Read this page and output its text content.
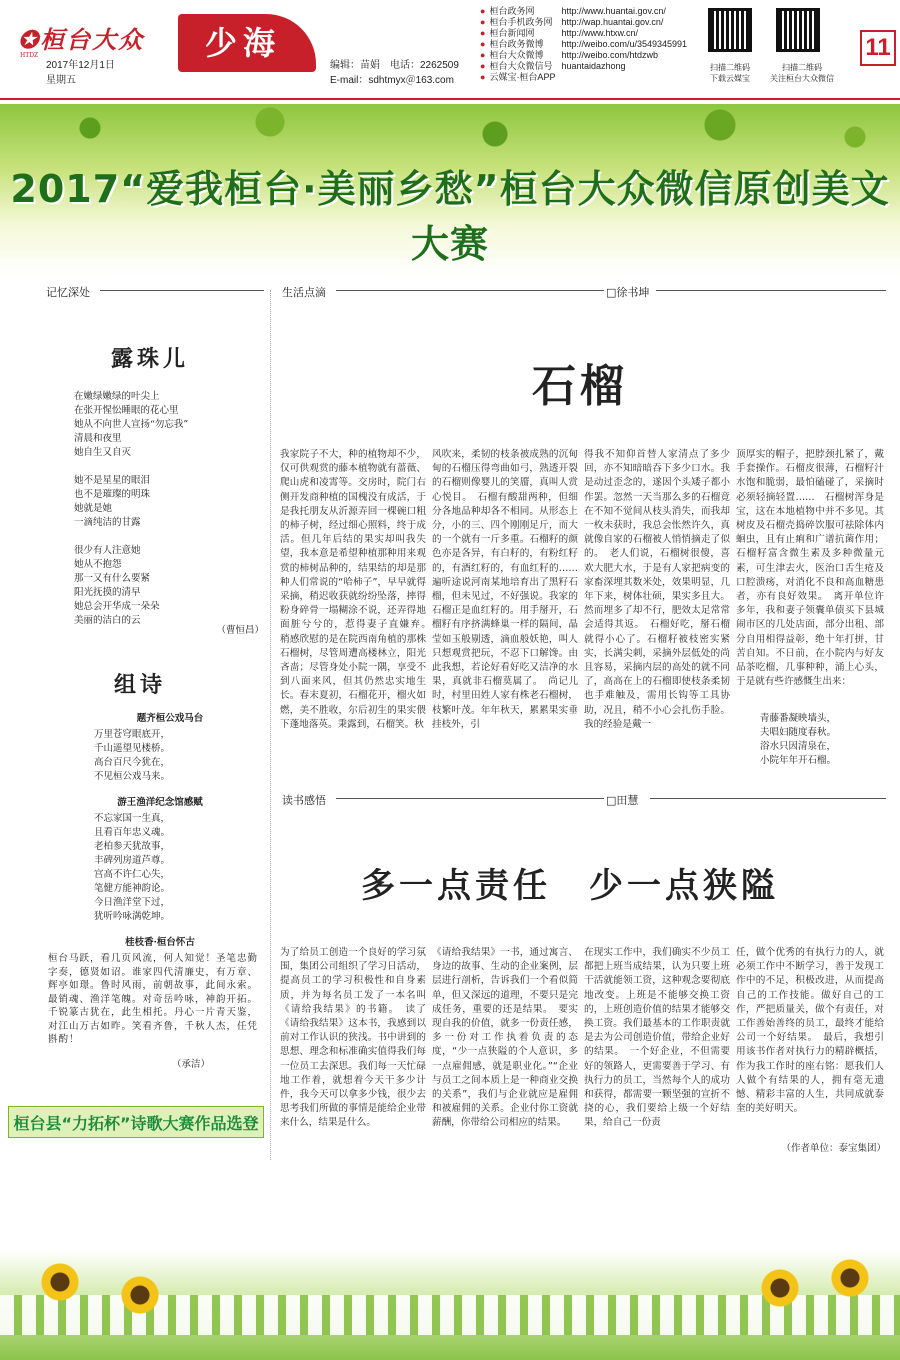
✪桓台大众
HTDZ
2017年12月1日
星期五
少海
编辑：苗娟　电话：2262509
E-mail：sdhtmyx＠163.com
● 桓台政务网	http://www.huantai.gov.cn/
● 桓台手机政务网 http://wap.huantai.gov.cn/
● 桓台新闻网	http://www.htxw.cn/
● 桓台政务微博	http://weibo.com/u/3549345991
● 桓台大众微博	http://weibo.com/htdzwb
● 桓台大众微信号 huantaidazhong
● 云媒宝·桓台APP
扫描二维码
下载云媒宝
扫描二维码
关注桓台大众微信
11
2017“爱我桓台·美丽乡愁”桓台大众微信原创美文大赛
记忆深处
露珠儿
在嫩绿嫩绿的叶尖上
在张开惺忪睡眼的花心里
她从不向世人宣扬“勿忘我”
清晨和夜里
她自生又自灭

她不是星星的眼泪
也不是璀璨的明珠
她就是她
一滴纯洁的甘露

很少有人注意她
她从不抱怨
那一又有什么要紧
阳光抚摸的清早
她总会开华成一朵朵
美丽的洁白的云
（曹恒昌）
组诗
题齐桓公戏马台
万里苍穹眼底开，
千山遥望见楼桥。
高台百尺今犹在，
不见桓公戏马来。
游王渔洋纪念馆感赋
不忘家国一生真，
且看百年忠义魂。
老柏参天犹故事，
丰碑列房道芦尊。
宫高不许仁心失，
笔健方能神韵论。
今日渔洋堂下过，
犹听吟咏满乾坤。
桂枝香·桓台怀古
桓台马跃，看几页风流，何人知觉！圣笔忠勤字奏，德贤如诏。谁家四代清廉史，有万章、辉亭如璟。鲁时风雨，前朝故事，此间永索。　最销魂、渔洋笔魄。对奇岳吟咏，神韵开拓。千锐篆古犹在，此生相托。丹心一片青天鉴，对江山万古如昨。笑看齐鲁，千秋人杰，任凭斟酌！
（承洁）
桓台县“力拓杯”诗歌大赛作品选登
生活点滴	□徐书坤
石榴
我家院子不大，种的植物却不少，仅可供观赏的藤本植物就有蔷薇、爬山虎和凌霄等。交房时，院门右侧开发商种植的国槐没有成活，于是我托朋友从沂源弄回一棵碗口粗的柿子树，经过细心照料，终于成活。但几年后结的果实却叫我失望，我本意是希望种植那种用来观赏的柿树品种的，结果结的却是那种人们常说的“哈柿子”，早早就得采摘，稍迟收获就纷纷坠落，摔得粉身碎骨一塌糊涂不说，还弄得地面脏兮兮的，惹得妻子直嫌弃。　稍感欣慰的是在院西南角植的那株石榴树，尽管周遭高楼林立，阳光吝啬；尽管身处小院一隅，享受不到八面来风，但其仍然忠实地生长。春末夏初，石榴花开，榴火如燃，美不胜收，尔后初生的果实偎下蓬地落英。秉露到，石榴笑。秋
风吹来，柔韧的枝条被成熟的沉甸甸的石榴压得弯曲如弓，熟透开裂的石榴则像婴儿的笑靥，真叫人赏心悦目。　石榴有酸甜两种，但细分各地品种却各不相同。从形态上分，小的三、四个刚刚足斤，而大的一个就有一斤多重。石榴籽的颜色亦是各异，有白籽的，有粉红籽的，有酒红籽的，有血红籽的……遍听途说河南某地培育出了黑籽石榴，但未见过，不好强说。我家的石榴正是血红籽的。用手掰开，石榴籽有序挤满蜂巢一样的隔间，晶莹如玉般剔透，滴血般妖艳，叫人只想观赏把玩，不忍下口解馋。由此我想，若论好看好吃又洁净的水果，真就非石榴莫属了。　尚记儿时，村里田姓人家有株老石榴树，枝繁叶茂。年年秋天，累累果实垂挂枝外，引
得我不知仰首替人家清点了多少回，亦不知暗暗吞下多少口水。我是动过歪念的，遂因个头矮子都小作罢。忽然一天当那么多的石榴竟在不知不觉间从枝头消失，而我却一枚未获时，我总会怅然许久，真就像自家的石榴被人悄悄摘走了似的。　老人们说，石榴树很傻，喜欢大肥大水，于是有人家把病变的家畜深埋其数米处，效果明显，几年下来，树体壮硕，果实多且大。然而埋多了却不行，肥效太足常常会适得其返。　石榴好吃，掰石榴就得小心了。石榴籽被枝密实紧实，长满尖刺，采摘外层低处的尚且容易，采摘内层的高处的就不同了，高高在上的石榴即使枝条柔韧也手难触及，需用长钩等工具协助，况且，稍不小心会扎伤手脸。我的经验是戴一
顶厚实的帽子，把脖颈扎紧了，戴手套操作。石榴皮很薄，石榴籽汁水饱和脆弱，最怕磕碰了，采摘时必须轻摘轻置……　石榴树浑身是宝，这在本地植物中并不多见。其树皮及石榴壳捣碎饮服可祛除体内蛔虫，且有止痢和广谱抗菌作用；石榴籽富含微生素及多种微量元素，可生津去火，医治口舌生疮及口腔溃疡，对消化不良和高血糖患者，亦有良好效果。　离开单位许多年，我和妻子领囊单债买下县城闹市区的几处店面，部分出租、部分自用相得益彰，绝十年打拼，甘苦自知。不日前，在小院内与好友品茶吃榴，几事种种，涌上心头，于是就有些许感慨生出来：
青藤番凝映墙头，
夫唱妇随度春秋。
浴水只因清泉在，
小院年年开石榴。
读书感悟	□田慧
多一点责任　少一点狭隘
为了给员工创造一个良好的学习氛围，集团公司组织了学习日活动，提高员工的学习积极性和自身素质，并为每名员工发了一本名叫《请给我结果》的书籍。　读了《请给我结果》这本书，我感到以前对工作认识的狭浅。书中讲到的思想、理念和标准确实值得我们每一位员工去深思。我们每一天忙碌地工作着，就想着今天干多少计件，我今天可以拿多少钱，很少去思考我们所做的事情是能给企业带来什么，结果是什么。
《请给我结果》一书，通过寓言、身边的故事、生动的企业案例，层层进行剖析，告诉我们一个看似简单，但又深远的道理，不要只是完成任务，重要的还是结果。　要实现自我的价值，就多一份责任感，多一份对工作执着负责的态度，“少一点狭隘的个人意识，多一点雇佣感，就是职业化。”“企业与员工之间本质上是一种商业交换的关系”，我们与企业就应是雇佣和被雇佣的关系。企业付你工资就薪酬，你带给公司相应的结果。
在现实工作中，我们确实不少员工都把上班当成结果，认为只要上班干活就能领工资，这种观念要彻底地改变。上班是不能够交换工资的，上班创造价值的结果才能够交换工资。我们最基本的工作职责就是去为公司创造价值，带给企业好的结果。　一个好企业，不但需要好的领路人，更需要善于学习、有执行力的员工，当然每个人的成功和获得，都需要一颗坚强的宣折不挠的心，我们要给上级一个好结果，给自己一份责
任，做个优秀的有执行力的人，就必须工作中不断学习，善于发现工作中的不足，积极改进，从而提高自己的工作技能。做好自己的工作，严把质量关，做个有责任，对工作善始善终的员工，最终才能给公司一个好结果。　最后，我想引用该书作者对执行力的精辟概括，作为我工作时的座右铭：愿我们人人做个有结果的人，拥有毫无遗憾、精彩丰富的人生，共同成就泰奎的美好明天。
（作者单位：泰宝集团）
